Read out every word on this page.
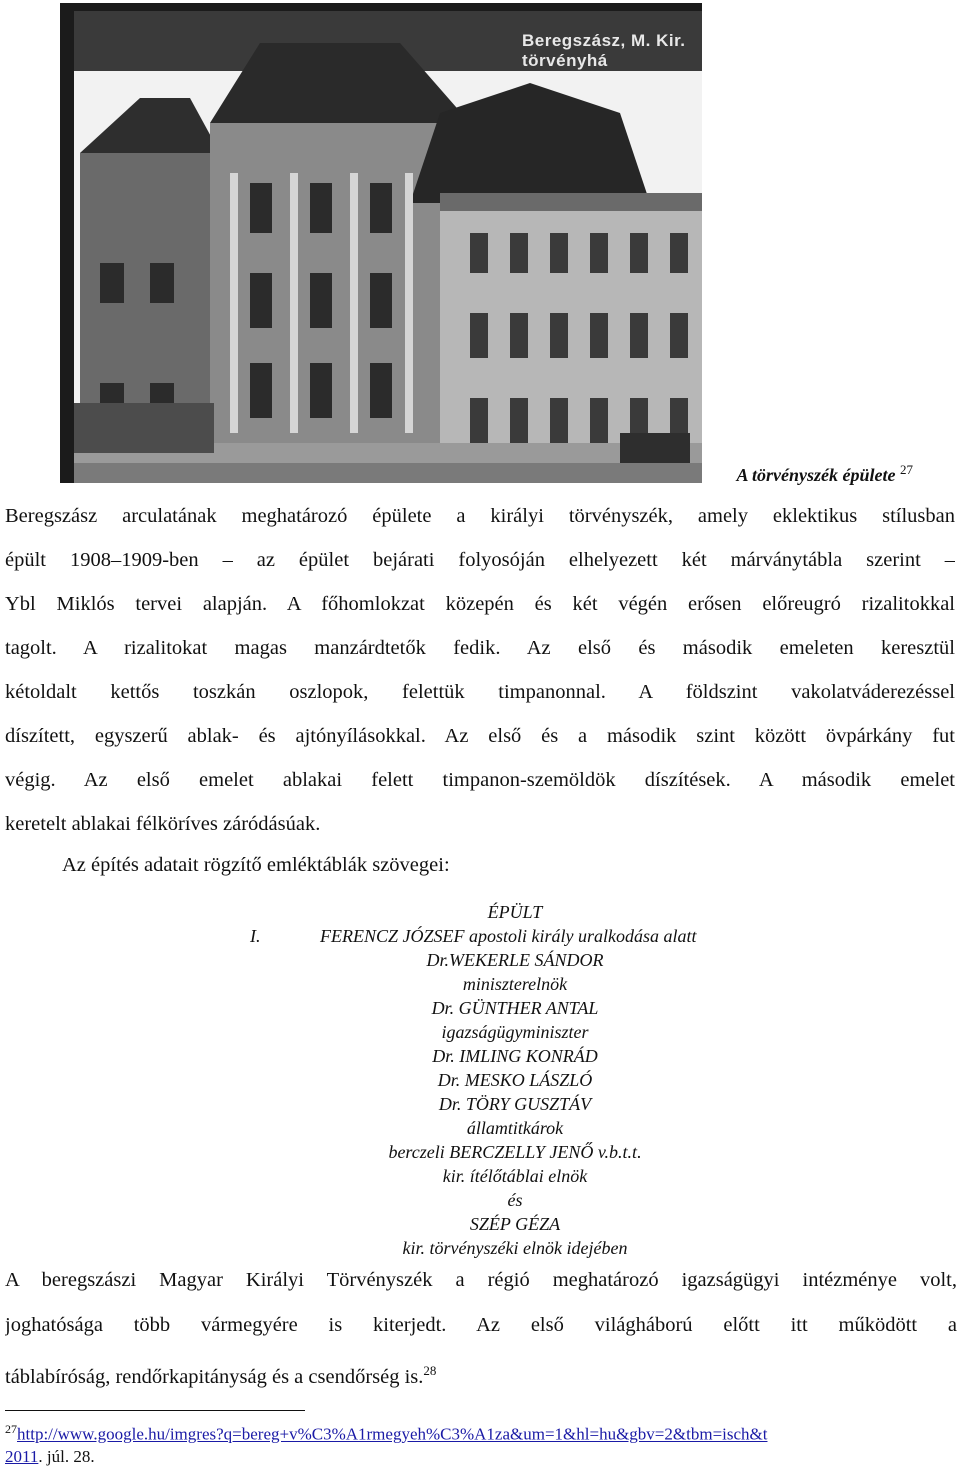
Beregszász, M. Kir. törvényhá
A törvényszék épülete $^{27}$
Beregszász arculatának meghatározó épülete a királyi törvényszék, amely eklektikus stílusban
épült 1908–1909-ben – az épület bejárati folyosóján elhelyezett két márványtábla szerint –
Ybl Miklós tervei alapján. A főhomlokzat közepén és két végén erősen előreugró rizalitokkal
tagolt. A rizalitokat magas manzárdtetők fedik. Az első és második emeleten keresztül
kétoldalt kettős toszkán oszlopok, felettük timpanonnal. A földszint vakolatváderezéssel
díszített, egyszerű ablak- és ajtónyílásokkal. Az első és a második szint között övpárkány fut
végig. Az első emelet ablakai felett timpanon-szemöldök díszítések. A második emelet
keretelt ablakai félköríves záródásúak.
Az építés adatait rögzítő emléktáblák szövegei:
ÉPÜLT
I.	FERENCZ JÓZSEF apostoli király uralkodása alatt
Dr.WEKERLE SÁNDOR
miniszterelnök
Dr. GÜNTHER ANTAL
igazságügyminiszter
Dr. IMLING KONRÁD
Dr. MESKO LÁSZLÓ
Dr. TÖRY GUSZTÁV
államtitkárok
berczeli BERCZELLY JENŐ v.b.t.t.
kir. ítélőtáblai elnök
és
SZÉP GÉZA
kir. törvényszéki elnök idejében
A beregszászi Magyar Királyi Törvényszék a régió meghatározó igazságügyi intézménye volt,
joghatósága több vármegyére is kiterjedt. Az első világháború előtt itt működött a
táblabíróság, rendőrkapitányság és a csendőrség is.$^{28}$
$^{27}$http://www.google.hu/imgres?q=bereg+v%C3%A1rmegyeh%C3%A1za&um=1&hl=hu&gbv=2&tbm=isch&t
2011. júl. 28.
